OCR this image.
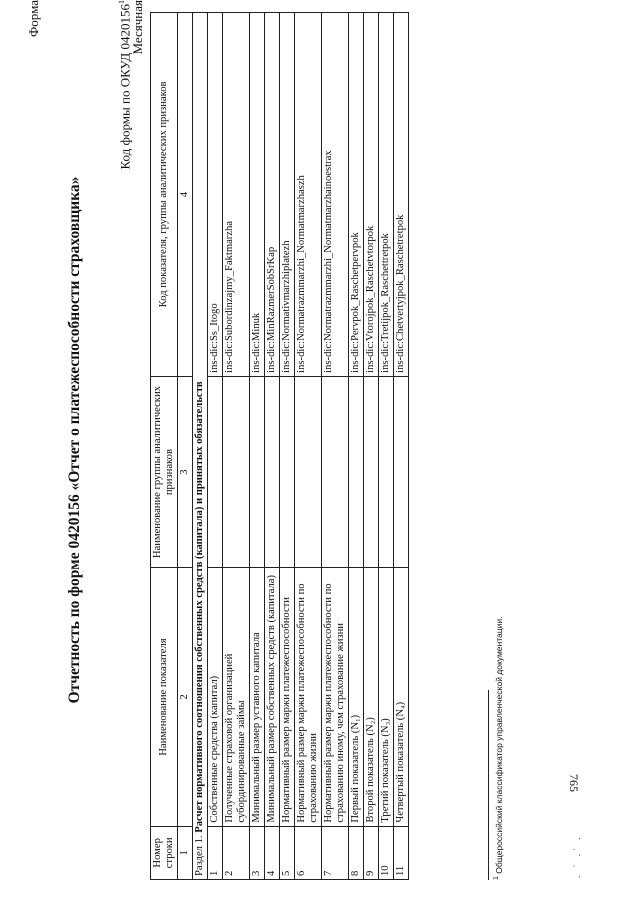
Форма
Отчетность по форме 0420156 «Отчет о платежеспособности страховщика»
Код формы по ОКУД 0420156$^1$ Месячная
Номер строки	Наименование показателя	Наименование группы аналитических признаков	Код показателя, группы аналитических признаков
1	2	3	4
Раздел 1. Расчет нормативного соотношения собственных средств (капитала) и принятых обязательств			
1	Собственные средства (капитал)		ins-dic:Ss_Itogo
2	Полученные страховой организацией субординированные займы		ins-dic:Subordinzajmy_Faktmarzha
3	Минимальный размер уставного капитала		ins-dic:Minuk
4	Минимальный размер собственных средств (капитала)		ins-dic:MinRazmerSobSrKap
5	Нормативный размер маржи платежеспособности		ins-dic:Normativmarzhiplatezh
6	Нормативный размер маржи платежеспособности по страхованию жизни		ins-dic:Normatrazmmarzhi_Normatmarzhaszh
7	Нормативный размер маржи платежеспособности по страхованию иному, чем страхование жизни		ins-dic:Normatrazmmarzhi_Normatmarzhainoestrax
8	Первый показатель (N₁)		ins-dic:Pervpok_Raschetpervpok
9	Второй показатель (N₂)		ins-dic:Vtorojpok_Raschetvtorpok
10	Третий показатель (N₃)		ins-dic:Tretijpok_Raschettretpok
11	Четвертый показатель (N₄)		ins-dic:Chetvertyjpok_Raschetretpok
$^1$ Общероссийский классификатор управленческой документации.	. ˙ .˙ .
765
